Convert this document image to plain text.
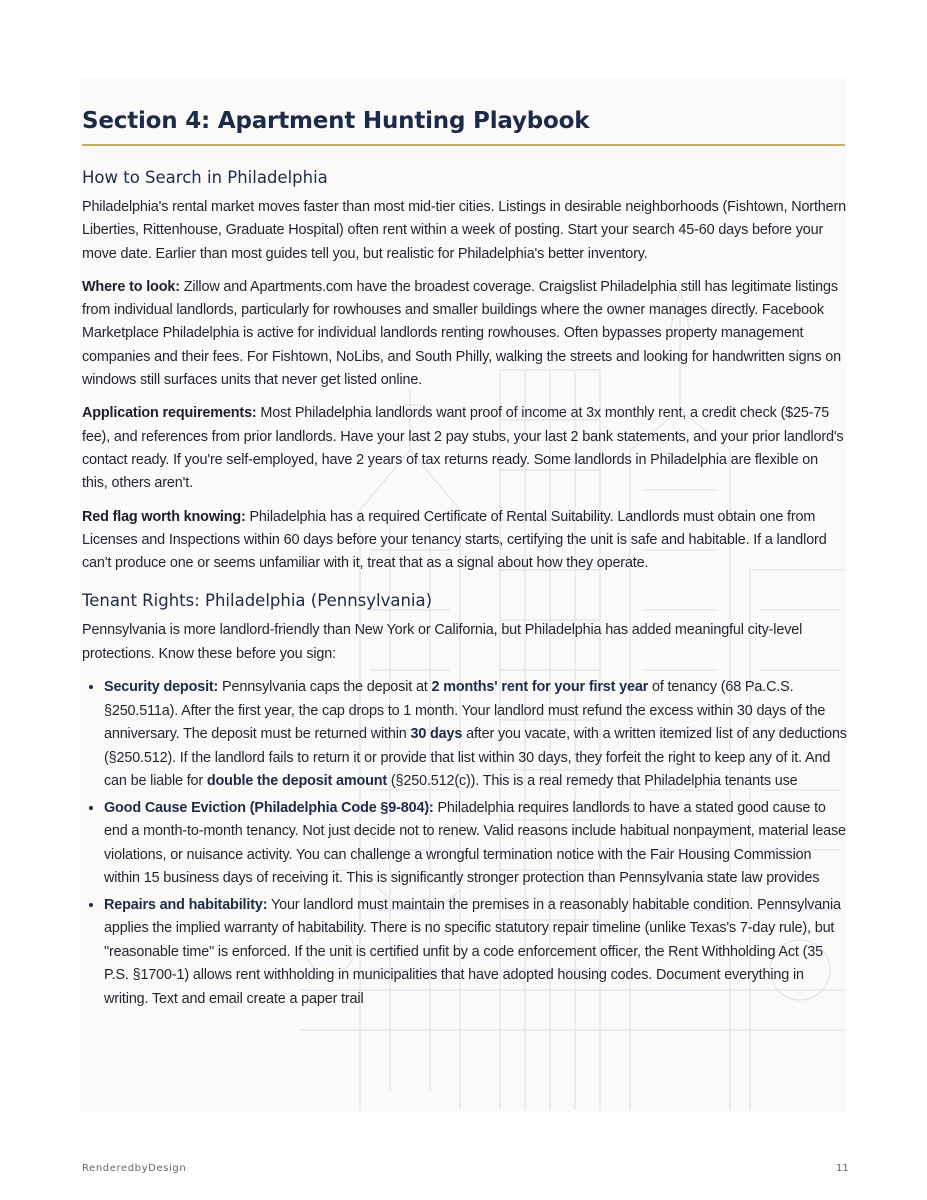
Section 4: Apartment Hunting Playbook
How to Search in Philadelphia

Philadelphia's rental market moves faster than most mid-tier cities. Listings in desirable neighborhoods (Fishtown, Northern Liberties, Rittenhouse, Graduate Hospital) often rent within a week of posting. Start your search 45-60 days before your move date. Earlier than most guides tell you, but realistic for Philadelphia's better inventory.

Where to look: Zillow and Apartments.com have the broadest coverage. Craigslist Philadelphia still has legitimate listings from individual landlords, particularly for rowhouses and smaller buildings where the owner manages directly. Facebook Marketplace Philadelphia is active for individual landlords renting rowhouses. Often bypasses property management companies and their fees. For Fishtown, NoLibs, and South Philly, walking the streets and looking for handwritten signs on windows still surfaces units that never get listed online.

Application requirements: Most Philadelphia landlords want proof of income at 3x monthly rent, a credit check ($25-75 fee), and references from prior landlords. Have your last 2 pay stubs, your last 2 bank statements, and your prior landlord's contact ready. If you're self-employed, have 2 years of tax returns ready. Some landlords in Philadelphia are flexible on this, others aren't.

Red flag worth knowing: Philadelphia has a required Certificate of Rental Suitability. Landlords must obtain one from Licenses and Inspections within 60 days before your tenancy starts, certifying the unit is safe and habitable. If a landlord can't produce one or seems unfamiliar with it, treat that as a signal about how they operate.

Tenant Rights: Philadelphia (Pennsylvania)

Pennsylvania is more landlord-friendly than New York or California, but Philadelphia has added meaningful city-level protections. Know these before you sign:

• Security deposit: Pennsylvania caps the deposit at 2 months' rent for your first year of tenancy (68 Pa.C.S. §250.511a). After the first year, the cap drops to 1 month. Your landlord must refund the excess within 30 days of the anniversary. The deposit must be returned within 30 days after you vacate, with a written itemized list of any deductions (§250.512). If the landlord fails to return it or provide that list within 30 days, they forfeit the right to keep any of it. And can be liable for double the deposit amount (§250.512(c)). This is a real remedy that Philadelphia tenants use
• Good Cause Eviction (Philadelphia Code §9-804): Philadelphia requires landlords to have a stated good cause to end a month-to-month tenancy. Not just decide not to renew. Valid reasons include habitual nonpayment, material lease violations, or nuisance activity. You can challenge a wrongful termination notice with the Fair Housing Commission within 15 business days of receiving it. This is significantly stronger protection than Pennsylvania state law provides
• Repairs and habitability: Your landlord must maintain the premises in a reasonably habitable condition. Pennsylvania applies the implied warranty of habitability. There is no specific statutory repair timeline (unlike Texas's 7-day rule), but "reasonable time" is enforced. If the unit is certified unfit by a code enforcement officer, the Rent Withholding Act (35 P.S. §1700-1) allows rent withholding in municipalities that have adopted housing codes. Document everything in writing. Text and email create a paper trail
RenderedbyDesign	11
